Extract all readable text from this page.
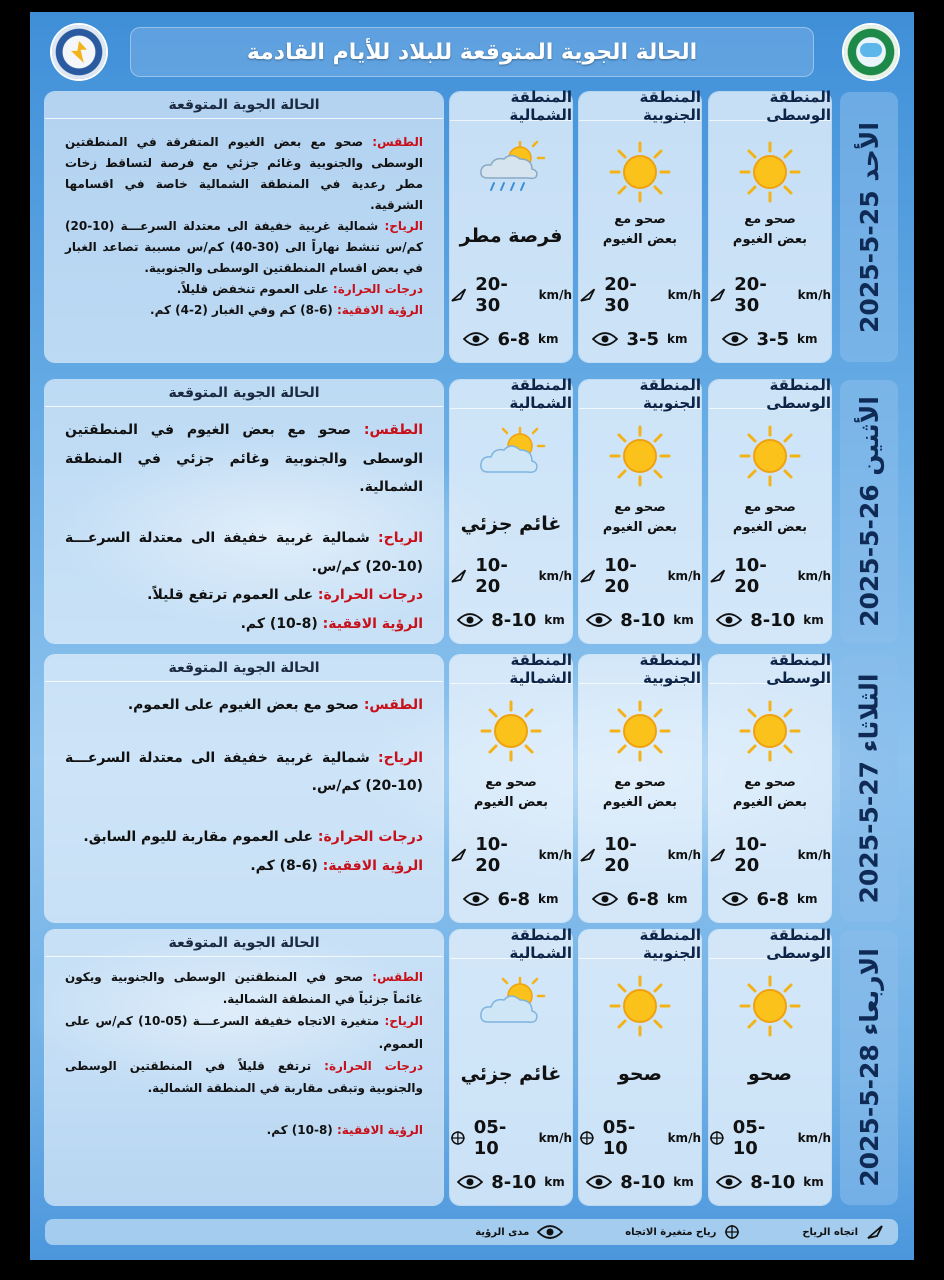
الحالة الجوية المتوقعة للبلاد للأيام القادمة
الأحد 25-5-2025
المنطقة الوسطى
صحو مع بعض الغيوم
20-30	km/h
3-5 km
المنطقة الجنوبية
صحو مع بعض الغيوم
20-30	km/h
3-5 km
المنطقة الشمالية
فرصة مطر
20-30	km/h
6-8 km
الحالة الجوية المتوقعة

الطقس: صحو مع بعض الغيوم المتفرقة في المنطقتين الوسطى والجنوبية وغائم جزئي مع فرصة لتساقط زخات مطر رعدية في المنطقة الشمالية خاصة في اقسامها الشرقية.

الرياح: شمالية غربية خفيفة الى معتدلة السرعـــة (10-20) كم/س تنشط نهاراً الى (30-40) كم/س مسببة تصاعد الغبار في بعض اقسام المنطقتين الوسطى والجنوبية.

درجات الحرارة: على العموم تنخفض قليلاً.

الرؤية الافقية: (6-8) كم وفي الغبار (2-4) كم.

الأثنين 26-5-2025
المنطقة الوسطى
صحو مع بعض الغيوم
10-20	km/h
8-10 km
المنطقة الجنوبية
صحو مع بعض الغيوم
10-20	km/h
8-10 km
المنطقة الشمالية
غائم جزئي
10-20	km/h
8-10 km
الحالة الجوية المتوقعة

الطقس: صحو مع بعض الغيوم في المنطقتين الوسطى والجنوبية وغائم جزئي في المنطقة الشمالية.

الرياح: شمالية غربية خفيفة الى معتدلة السرعـــة (10-20) كم/س.

درجات الحرارة: على العموم ترتفع قليلاً.

الرؤية الافقية: (8-10) كم.

الثلاثاء 27-5-2025
المنطقة الوسطى
صحو مع بعض الغيوم
10-20	km/h
6-8 km
المنطقة الجنوبية
صحو مع بعض الغيوم
10-20	km/h
6-8 km
المنطقة الشمالية
صحو مع بعض الغيوم
10-20	km/h
6-8 km
الحالة الجوية المتوقعة

الطقس: صحو مع بعض الغيوم على العموم.

الرياح: شمالية غربية خفيفة الى معتدلة السرعـــة (10-20) كم/س.

درجات الحرارة: على العموم مقاربة لليوم السابق.

الرؤية الافقية: (6-8) كم.

الاربعاء 28-5-2025
المنطقة الوسطى
صحو
05-10	km/h
8-10 km
المنطقة الجنوبية
صحو
05-10	km/h
8-10 km
المنطقة الشمالية
غائم جزئي
05-10	km/h
8-10 km
الحالة الجوية المتوقعة

الطقس: صحو في المنطقتين الوسطى والجنوبية ويكون غائماً جزئياً في المنطقة الشمالية.

الرياح: متغيرة الاتجاه خفيفة السرعـــة (05-10) كم/س على العموم.

درجات الحرارة: ترتفع قليلاً في المنطقتين الوسطى والجنوبية وتبقى مقاربة في المنطقة الشمالية.

الرؤية الافقية: (8-10) كم.

اتجاه الرياح
رياح متغيرة الاتجاه
مدى الرؤية
